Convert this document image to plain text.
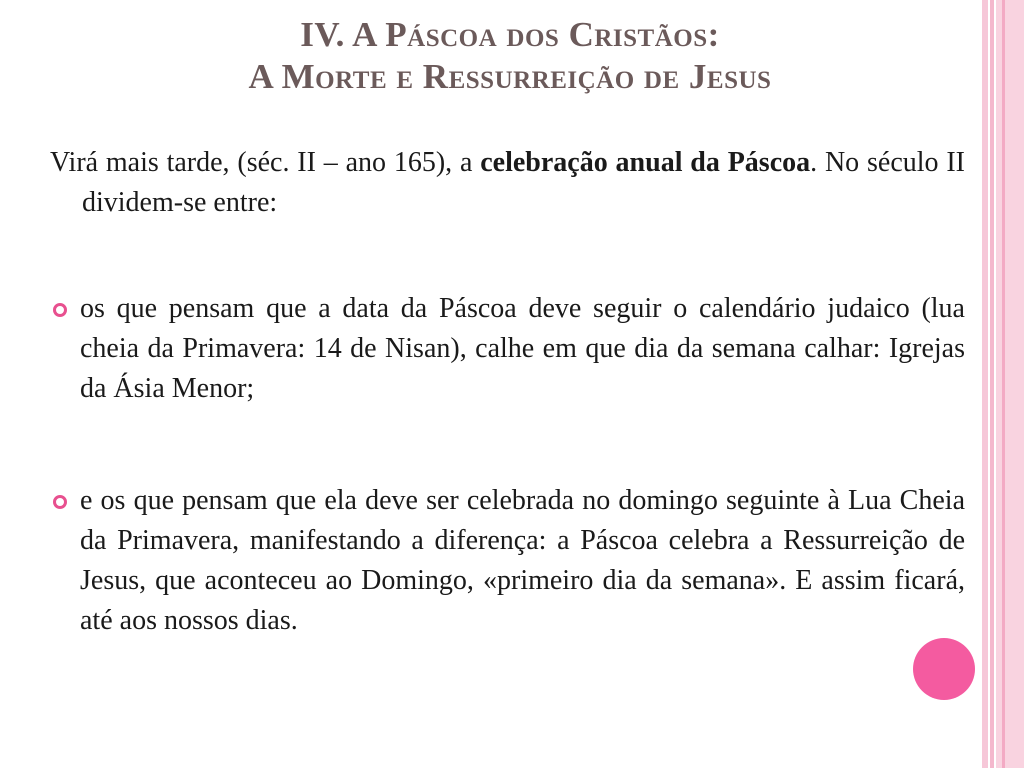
IV. A Páscoa dos Cristãos:
A Morte e Ressurreição de Jesus

Virá mais tarde, (séc. II – ano 165), a celebração anual da Páscoa. No século II dividem-se entre:

os que pensam que a data da Páscoa deve seguir o calendário judaico (lua cheia da Primavera: 14 de Nisan), calhe em que dia da semana calhar: Igrejas da Ásia Menor;

e os que pensam que ela deve ser celebrada no domingo seguinte à Lua Cheia da Primavera, manifestando a diferença: a Páscoa celebra a Ressurreição de Jesus, que aconteceu ao Domingo, «primeiro dia da semana». E assim ficará, até aos nossos dias.
